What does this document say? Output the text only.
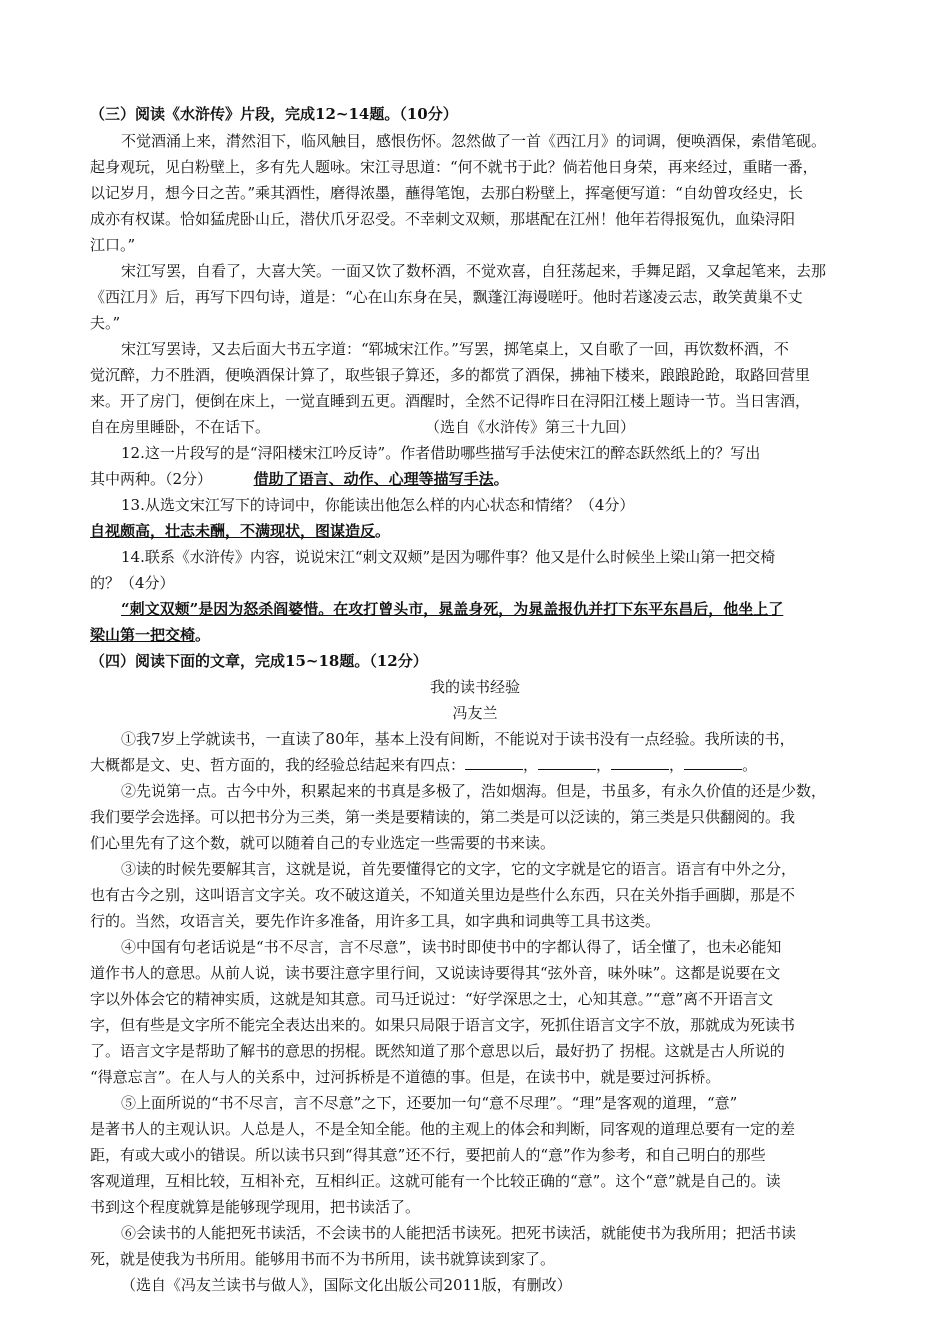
（三）阅读《水浒传》片段，完成12~14题。（10分）
不觉酒涌上来，潸然泪下，临风触目，感恨伤怀。忽然做了一首《西江月》的词调，便唤酒保，索借笔砚。
起身观玩，见白粉壁上，多有先人题咏。宋江寻思道：“何不就书于此？倘若他日身荣，再来经过，重睹一番，
以记岁月，想今日之苦。”乘其酒性，磨得浓墨，蘸得笔饱，去那白粉壁上，挥毫便写道：“自幼曾攻经史，长
成亦有权谋。恰如猛虎卧山丘，潜伏爪牙忍受。不幸刺文双颊，那堪配在江州！他年若得报冤仇，血染浔阳
江口。”
宋江写罢，自看了，大喜大笑。一面又饮了数杯酒，不觉欢喜，自狂荡起来，手舞足蹈，又拿起笔来，去那
《西江月》后，再写下四句诗，道是：“心在山东身在吴，飘蓬江海谩嗟吁。他时若遂凌云志，敢笑黄巢不丈
夫。”
宋江写罢诗，又去后面大书五字道：“郓城宋江作。”写罢，掷笔桌上，又自歌了一回，再饮数杯酒，不
觉沉醉，力不胜酒，便唤酒保计算了，取些银子算还，多的都赏了酒保，拂袖下楼来，踉踉跄跄，取路回营里
来。开了房门，便倒在床上，一觉直睡到五更。酒醒时，全然不记得昨日在浔阳江楼上题诗一节。当日害酒，
自在房里睡卧，不在话下。	（选自《水浒传》第三十九回）
12.这一片段写的是“浔阳楼宋江吟反诗”。作者借助哪些描写手法使宋江的醉态跃然纸上的？写出
其中两种。（2分）	借助了语言、动作、心理等描写手法。
13.从选文宋江写下的诗词中，你能读出他怎么样的内心状态和情绪？（4分）
自视颇高，壮志未酬，不满现状，图谋造反。
14.联系《水浒传》内容，说说宋江“刺文双颊”是因为哪件事？他又是什么时候坐上梁山第一把交椅
的？（4分）
“刺文双颊”是因为怒杀阎婆惜。在攻打曾头市，晁盖身死，为晁盖报仇并打下东平东昌后，他坐上了
梁山第一把交椅。
（四）阅读下面的文章，完成15~18题。（12分）
我的读书经验
冯友兰
①我7岁上学就读书，一直读了80年，基本上没有间断，不能说对于读书没有一点经验。我所读的书，
大概都是文、史、哲方面的，我的经验总结起来有四点：	，	，	，	。
②先说第一点。古今中外，积累起来的书真是多极了，浩如烟海。但是，书虽多，有永久价值的还是少数，
我们要学会选择。可以把书分为三类，第一类是要精读的，第二类是可以泛读的，第三类是只供翻阅的。我
们心里先有了这个数，就可以随着自己的专业选定一些需要的书来读。
③读的时候先要解其言，这就是说，首先要懂得它的文字，它的文字就是它的语言。语言有中外之分，
也有古今之别，这叫语言文字关。攻不破这道关，不知道关里边是些什么东西，只在关外指手画脚，那是不
行的。当然，攻语言关，要先作许多准备，用许多工具，如字典和词典等工具书这类。
④中国有句老话说是“书不尽言，言不尽意”，读书时即使书中的字都认得了，话全懂了，也未必能知
道作书人的意思。从前人说，读书要注意字里行间，又说读诗要得其“弦外音，味外味”。这都是说要在文
字以外体会它的精神实质，这就是知其意。司马迁说过：“好学深思之士，心知其意。”“意”离不开语言文
字，但有些是文字所不能完全表达出来的。如果只局限于语言文字，死抓住语言文字不放，那就成为死读书
了。语言文字是帮助了解书的意思的拐棍。既然知道了那个意思以后，最好扔了 拐棍。这就是古人所说的
“得意忘言”。在人与人的关系中，过河拆桥是不道德的事。但是，在读书中，就是要过河拆桥。
⑤上面所说的“书不尽言，言不尽意”之下，还要加一句“意不尽理”。“理”是客观的道理，“意”
是著书人的主观认识。人总是人，不是全知全能。他的主观上的体会和判断，同客观的道理总要有一定的差
距，有或大或小的错误。所以读书只到“得其意”还不行，要把前人的“意”作为参考，和自己明白的那些
客观道理，互相比较，互相补充，互相纠正。这就可能有一个比较正确的“意”。这个“意”就是自己的。读
书到这个程度就算是能够现学现用，把书读活了。
⑥会读书的人能把死书读活，不会读书的人能把活书读死。把死书读活，就能使书为我所用；把活书读
死，就是使我为书所用。能够用书而不为书所用，读书就算读到家了。
（选自《冯友兰读书与做人》，国际文化出版公司2011版，有删改）
